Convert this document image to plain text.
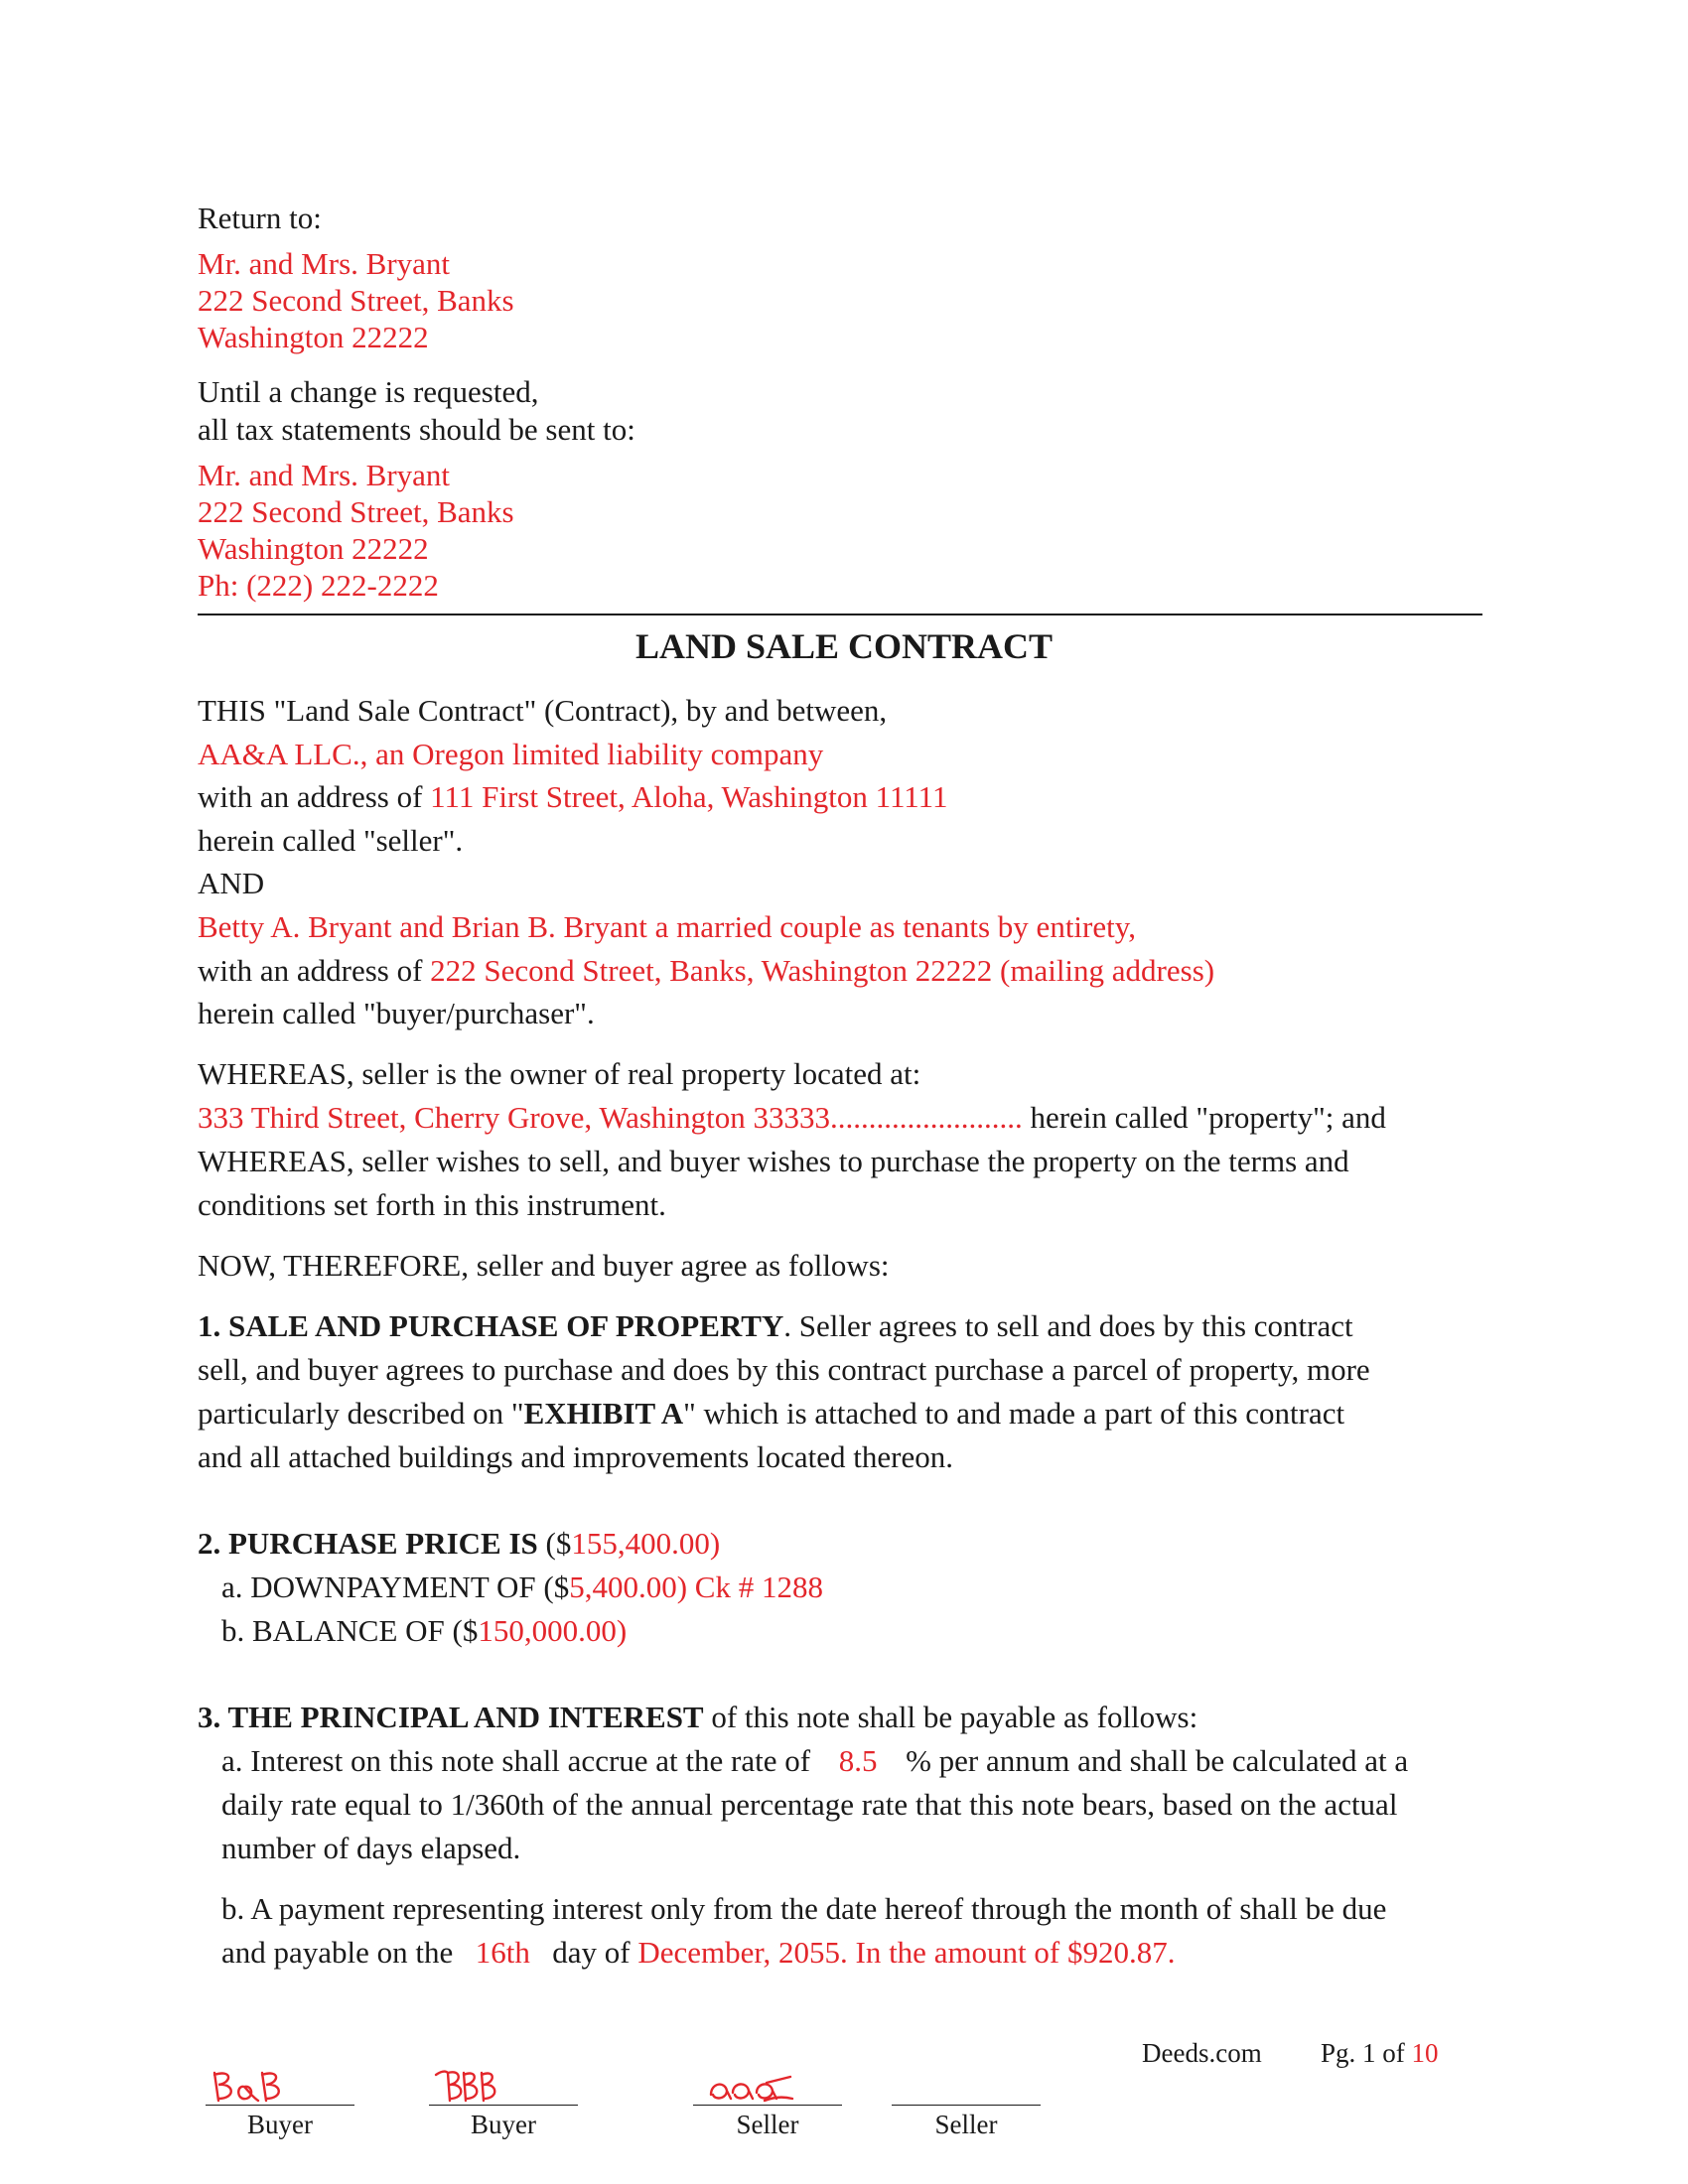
Return to:
Mr. and Mrs. Bryant
222 Second Street, Banks
Washington 22222
Until a change is requested,
all tax statements should be sent to:
Mr. and Mrs. Bryant
222 Second Street, Banks
Washington 22222
Ph: (222) 222-2222
LAND SALE CONTRACT
THIS "Land Sale Contract" (Contract), by and between,
AA&A LLC., an Oregon limited liability company
with an address of 111 First Street, Aloha, Washington 11111
herein called "seller".
AND
Betty A. Bryant and Brian B. Bryant a married couple as tenants by entirety,
with an address of 222 Second Street, Banks, Washington 22222 (mailing address)
herein called "buyer/purchaser".
WHEREAS, seller is the owner of real property located at:
333 Third Street, Cherry Grove, Washington 33333......................... herein called "property"; and
WHEREAS, seller wishes to sell, and buyer wishes to purchase the property on the terms and
conditions set forth in this instrument.
NOW, THEREFORE, seller and buyer agree as follows:
1. SALE AND PURCHASE OF PROPERTY. Seller agrees to sell and does by this contract
sell, and buyer agrees to purchase and does by this contract purchase a parcel of property, more
particularly described on "EXHIBIT A" which is attached to and made a part of this contract
and all attached buildings and improvements located thereon.
2. PURCHASE PRICE IS ($155,400.00)
a. DOWNPAYMENT OF ($5,400.00) Ck # 1288
b. BALANCE OF ($150,000.00)
3. THE PRINCIPAL AND INTEREST of this note shall be payable as follows:
a. Interest on this note shall accrue at the rate of 8.5 % per annum and shall be calculated at a
daily rate equal to 1/360th of the annual percentage rate that this note bears, based on the actual
number of days elapsed.
b. A payment representing interest only from the date hereof through the month of shall be due
and payable on the 16th day of December, 2055. In the amount of $920.87.
Deeds.com Pg. 1 of 10
Buyer	Buyer	Seller	Seller
